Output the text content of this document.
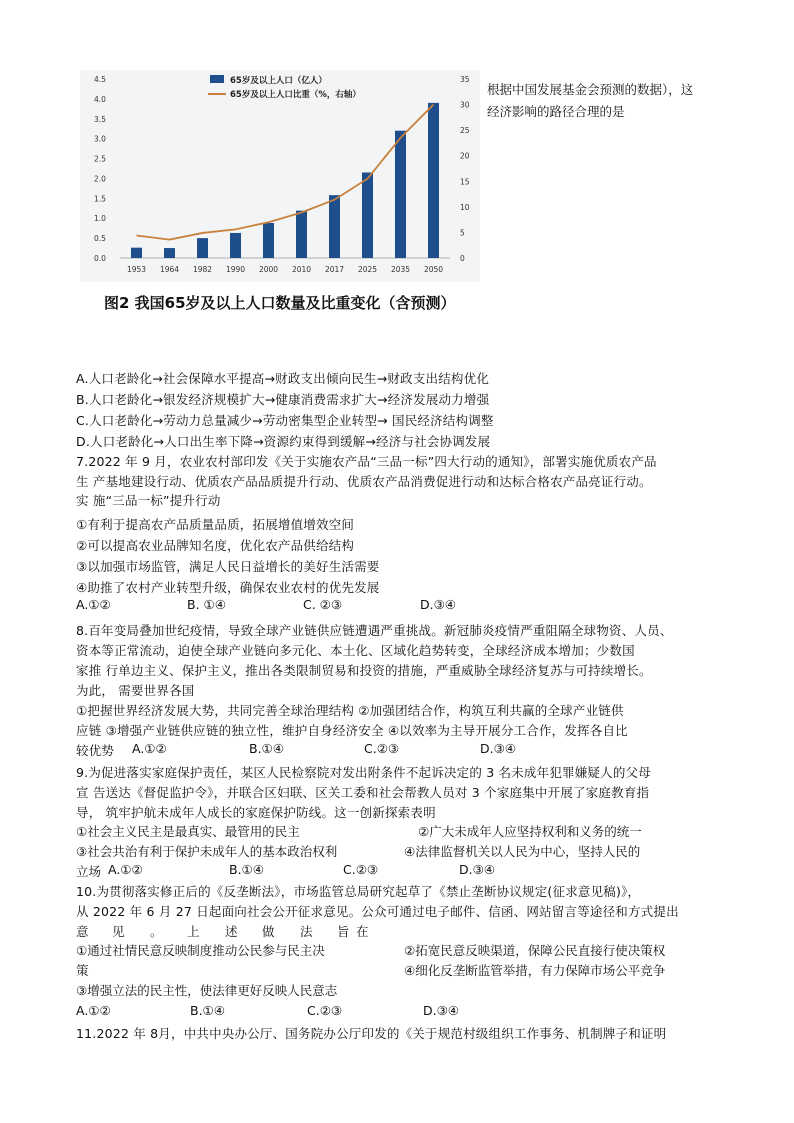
0.0
0.5
1.0
1.5
2.0
2.5
3.0
3.5
4.0
4.5
0
5
10
15
20
25
30
35
1953 1964 1982 1990 2000 2010 2017 2025 2035 2050
65岁及以上人口（亿人）
65岁及以上人口比重（%，右轴）
图2 我国65岁及以上人口数量及比重变化（含预测）
根据中国发展基金会预测的数据），这
经济影响的路径合理的是
A.人口老龄化→社会保障水平提高→财政支出倾向民生→财政支出结构优化
B.人口老龄化→银发经济规模扩大→健康消费需求扩大→经济发展动力增强
C.人口老龄化→劳动力总量减少→劳动密集型企业转型→ 国民经济结构调整
D.人口老龄化→人口出生率下降→资源约束得到缓解→经济与社会协调发展
7.2022 年 9 月，农业农村部印发《关于实施农产品“三品一标”四大行动的通知》，部署实施优质农产品
生 产基地建设行动、优质农产品品质提升行动、优质农产品消费促进行动和达标合格农产品亮证行动。
实 施“三品一标”提升行动
①有利于提高农产品质量品质，拓展增值增效空间
②可以提高农业品牌知名度，优化农产品供给结构
③以加强市场监管，满足人民日益增长的美好生活需要
④助推了农村产业转型升级，确保农业农村的优先发展
A.①②	B. ①④	C. ②③	D.③④
8.百年变局叠加世纪疫情，导致全球产业链供应链遭遇严重挑战。新冠肺炎疫情严重阻隔全球物资、人员、
资本等正常流动，迫使全球产业链向多元化、本土化、区域化趋势转变，全球经济成本增加；少数国
家推 行单边主义、保护主义，推出各类限制贸易和投资的措施，严重威胁全球经济复苏与可持续增长。
为此， 需要世界各国
①把握世界经济发展大势，共同完善全球治理结构 ②加强团结合作，构筑互利共赢的全球产业链供
应链 ③增强产业链供应链的独立性，维护自身经济安全 ④以效率为主导开展分工合作，发挥各自比
较优势 A.①②	B.①④	C.②③	D.③④
9.为促进落实家庭保护责任，某区人民检察院对发出附条件不起诉决定的 3 名未成年犯罪嫌疑人的父母
宣 告送达《督促监护令》，并联合区妇联、区关工委和社会帮教人员对 3 个家庭集中开展了家庭教育指
导， 筑牢护航未成年人成长的家庭保护防线。这一创新探索表明
①社会主义民主是最真实、最管用的民主	②广大未成年人应坚持权利和义务的统一
③社会共治有利于保护未成年人的基本政治权利	④法律监督机关以人民为中心，坚持人民的
立场 A.①②	B.①④	C.②③	D.③④
10.为贯彻落实修正后的《反垄断法》，市场监管总局研究起草了《禁止垄断协议规定(征求意见稿)》，
从 2022 年 6 月 27 日起面向社会公开征求意见。公众可通过电子邮件、信函、网站留言等途径和方式提出
意 见 。 上 述 做 法 旨 在
①通过社情民意反映制度推动公民参与民主决	②拓宽民意反映渠道，保障公民直接行使决策权
策	④细化反垄断监管举措，有力保障市场公平竞争
③增强立法的民主性，使法律更好反映人民意志
A.①②	B.①④	C.②③	D.③④
11.2022 年 8月，中共中央办公厅、国务院办公厅印发的《关于规范村级组织工作事务、机制牌子和证明
